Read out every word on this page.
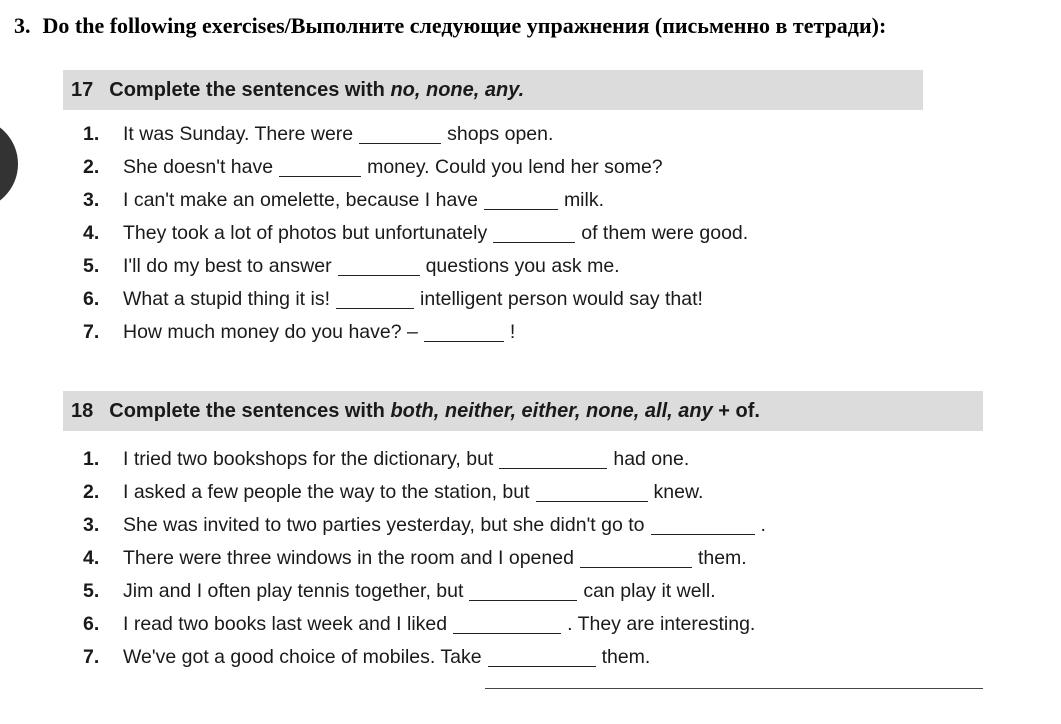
3. Do the following exercises/Выполните следующие упражнения (письменно в тетради):
17 Complete the sentences with
no, none, any.
1.	It was Sunday. There were	shops open.
2.	She doesn't have	money. Could you lend her some?
3.	I can't make an omelette, because I have	milk.
4.	They took a lot of photos but unfortunately	of them were good.
5.	I'll do my best to answer	questions you ask me.
6.	What a stupid thing it is!	intelligent person would say that!
7.	How much money do you have? –	!
18 Complete the sentences with
both, neither, either, none, all, any
+ of.
1.	I tried two bookshops for the dictionary, but	had one.
2.	I asked a few people the way to the station, but	knew.
3.	She was invited to two parties yesterday, but she didn't go to	.
4.	There were three windows in the room and I opened	them.
5.	Jim and I often play tennis together, but	can play it well.
6.	I read two books last week and I liked	. They are interesting.
7.	We've got a good choice of mobiles. Take	them.
